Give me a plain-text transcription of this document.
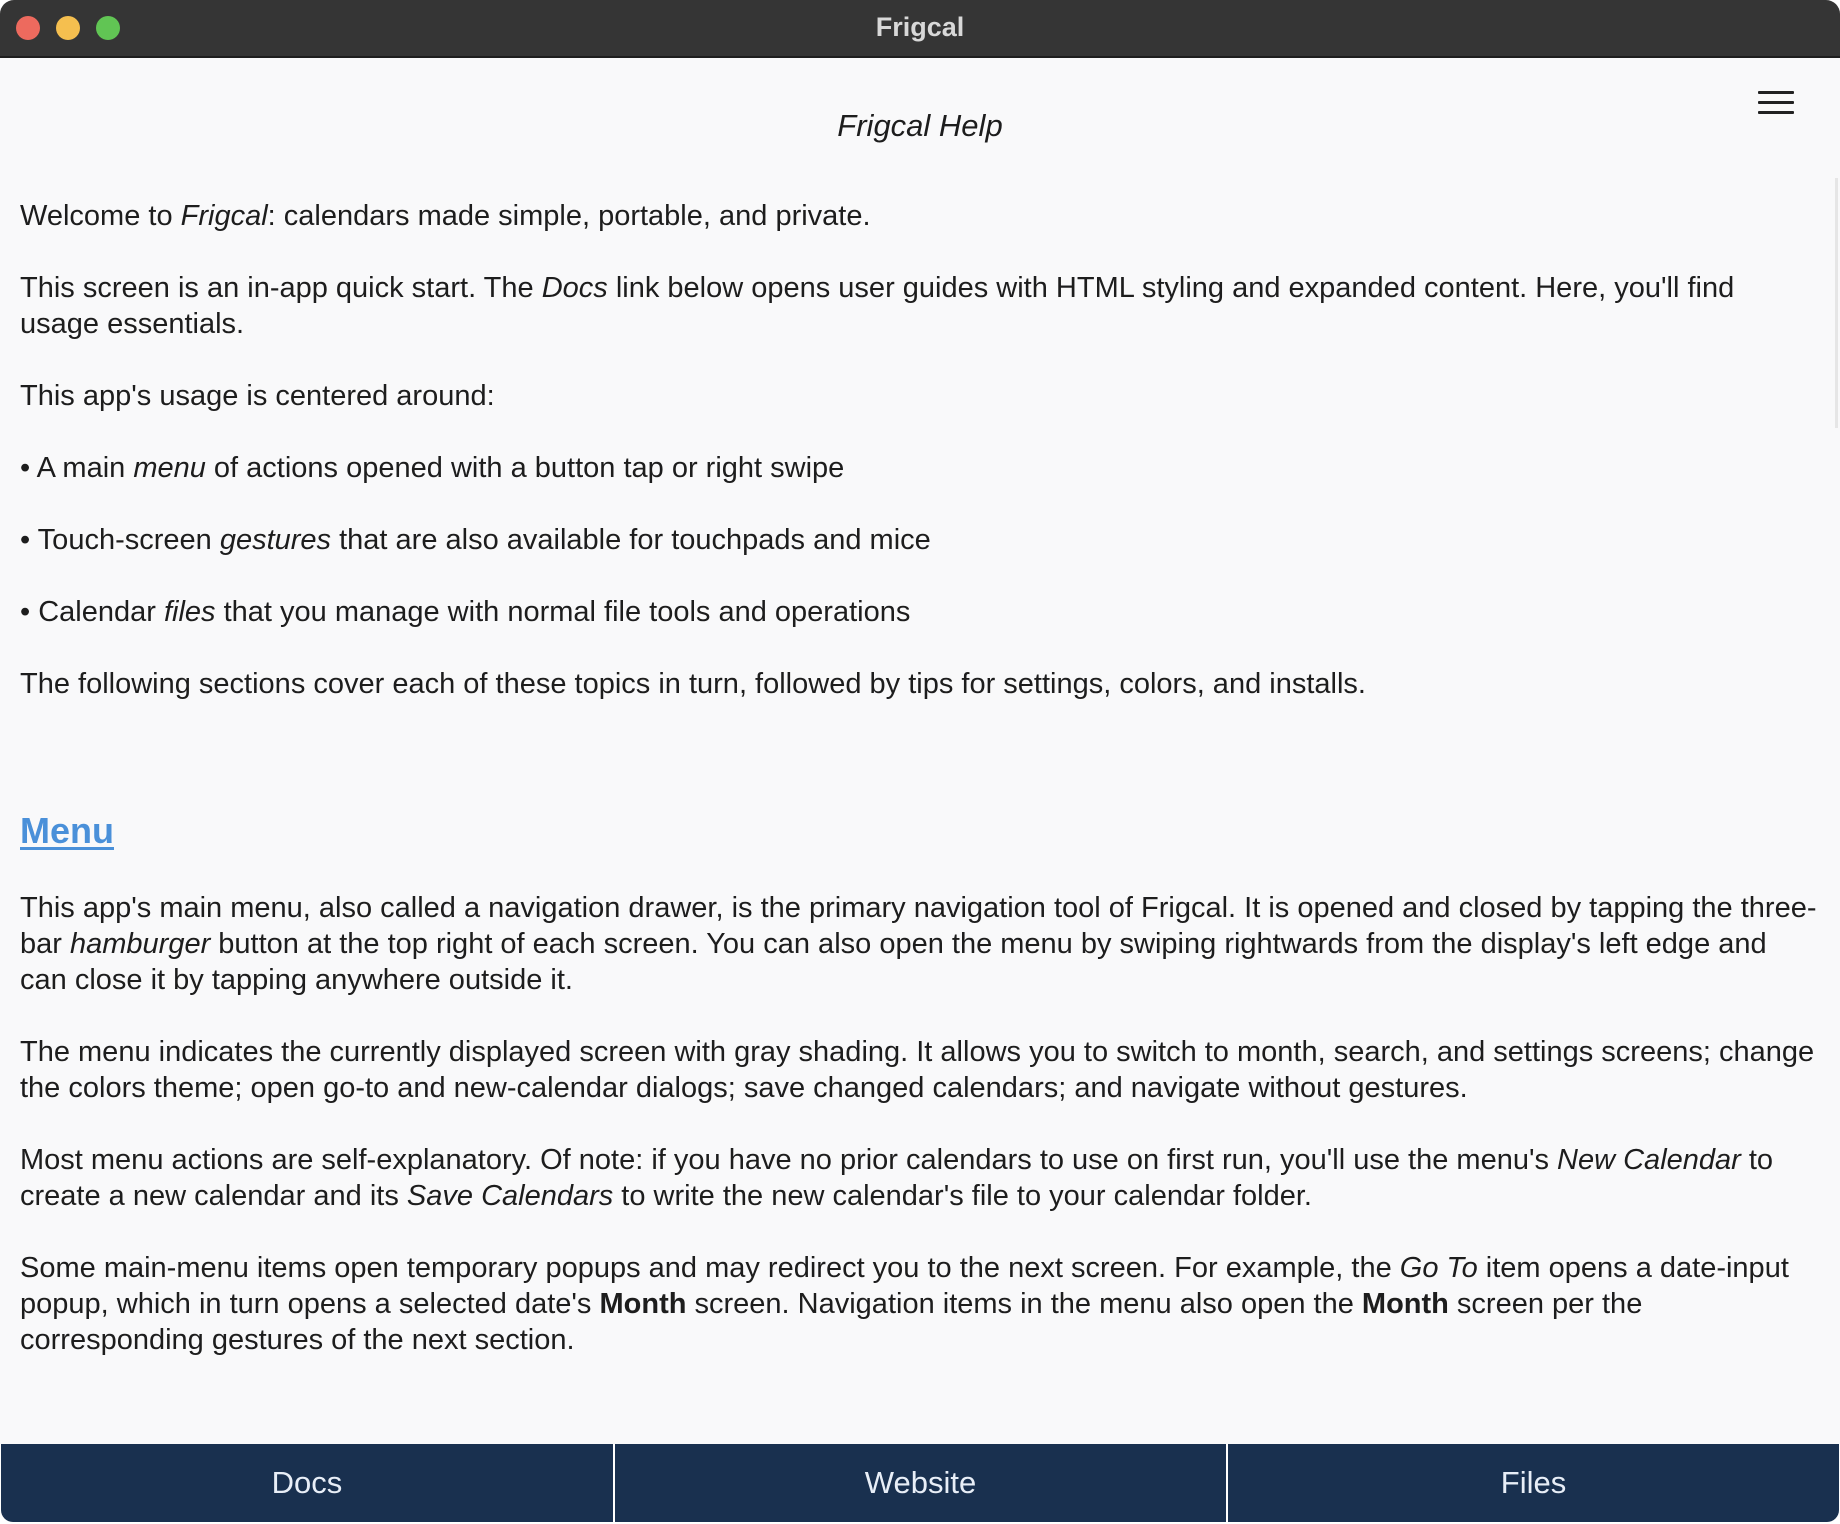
Frigcal
Frigcal Help

Welcome to Frigcal: calendars made simple, portable, and private.

This screen is an in-app quick start. The Docs link below opens user guides with HTML styling and expanded content. Here, you'll find usage essentials.

This app's usage is centered around:

• A main menu of actions opened with a button tap or right swipe

• Touch-screen gestures that are also available for touchpads and mice

• Calendar files that you manage with normal file tools and operations

The following sections cover each of these topics in turn, followed by tips for settings, colors, and installs.

Menu

This app's main menu, also called a navigation drawer, is the primary navigation tool of Frigcal. It is opened and closed by tapping the three-bar hamburger button at the top right of each screen. You can also open the menu by swiping rightwards from the display's left edge and can close it by tapping anywhere outside it.

The menu indicates the currently displayed screen with gray shading. It allows you to switch to month, search, and settings screens; change the colors theme; open go-to and new-calendar dialogs; save changed calendars; and navigate without gestures.

Most menu actions are self-explanatory. Of note: if you have no prior calendars to use on first run, you'll use the menu's New Calendar to create a new calendar and its Save Calendars to write the new calendar's file to your calendar folder.

Some main-menu items open temporary popups and may redirect you to the next screen. For example, the Go To item opens a date-input popup, which in turn opens a selected date's Month screen. Navigation items in the menu also open the Month screen per the corresponding gestures of the next section.

Docs	Website	Files
